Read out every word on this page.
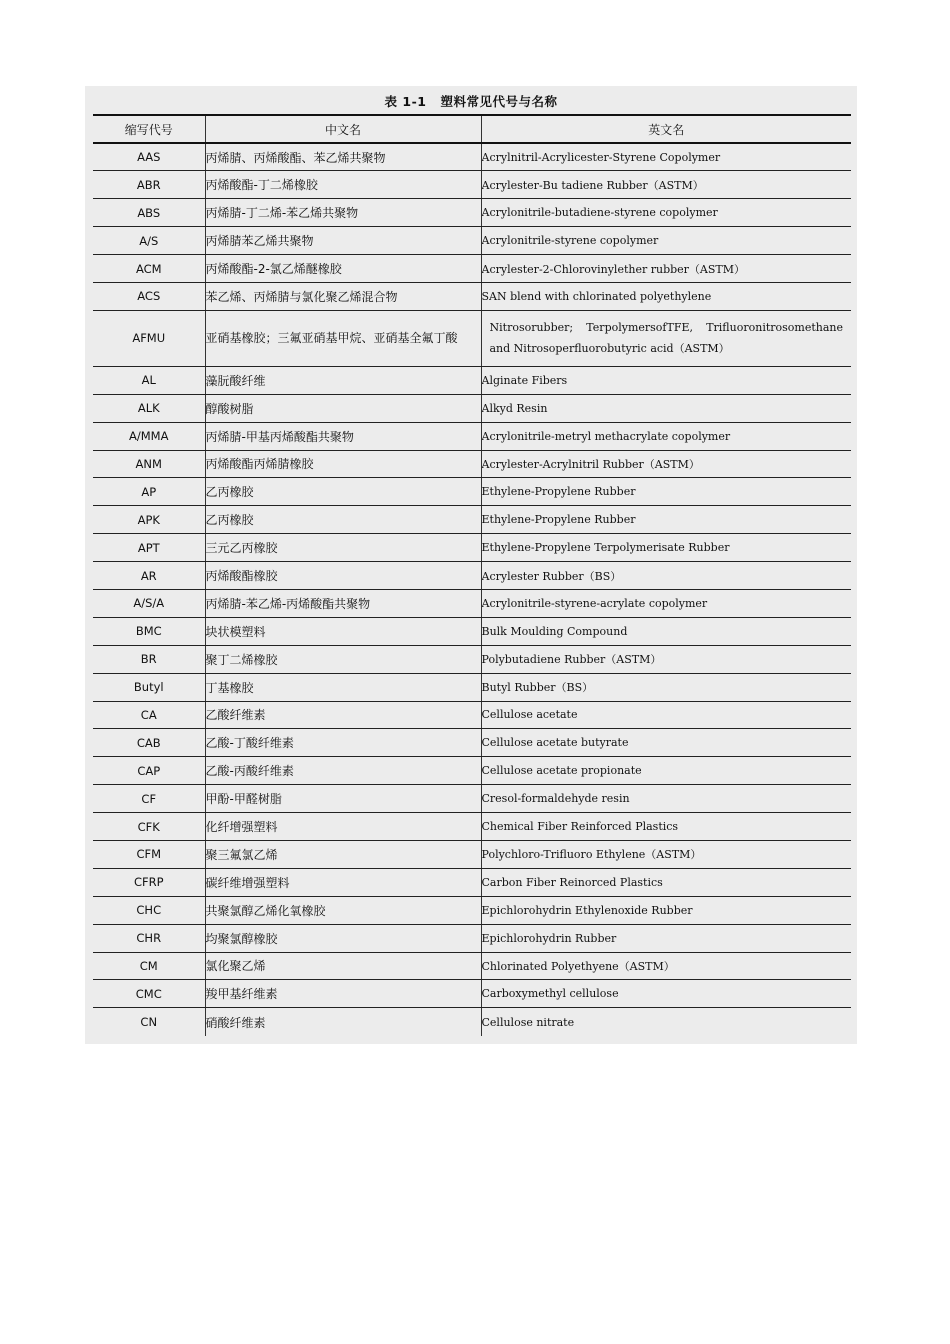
表 1-1 塑料常见代号与名称
缩写代号	中文名	英文名
AAS	丙烯腈、丙烯酸酯、苯乙烯共聚物	Acrylnitril-Acrylicester-Styrene Copolymer
ABR	丙烯酸酯-丁二烯橡胶	Acrylester-Bu tadiene Rubber（ASTM）
ABS	丙烯腈-丁二烯-苯乙烯共聚物	Acrylonitrile-butadiene-styrene copolymer
A/S	丙烯腈苯乙烯共聚物	Acrylonitrile-styrene copolymer
ACM	丙烯酸酯-2-氯乙烯醚橡胶	Acrylester-2-Chlorovinylether rubber（ASTM）
ACS	苯乙烯、丙烯腈与氯化聚乙烯混合物	SAN blend with chlorinated polyethylene
AFMU	亚硝基橡胶；三氟亚硝基甲烷、亚硝基全氟丁酸	Nitrosorubber; TerpolymersofTFE, Trifluoronitrosomethane and Nitrosoperfluorobutyric acid（ASTM）
AL	藻朊酸纤维	Alginate Fibers
ALK	醇酸树脂	Alkyd Resin
A/MMA	丙烯腈-甲基丙烯酸酯共聚物	Acrylonitrile-metryl methacrylate copolymer
ANM	丙烯酸酯丙烯腈橡胶	Acrylester-Acrylnitril Rubber（ASTM）
AP	乙丙橡胶	Ethylene-Propylene Rubber
APK	乙丙橡胶	Ethylene-Propylene Rubber
APT	三元乙丙橡胶	Ethylene-Propylene Terpolymerisate Rubber
AR	丙烯酸酯橡胶	Acrylester Rubber（BS）
A/S/A	丙烯腈-苯乙烯-丙烯酸酯共聚物	Acrylonitrile-styrene-acrylate copolymer
BMC	块状模塑料	Bulk Moulding Compound
BR	聚丁二烯橡胶	Polybutadiene Rubber（ASTM）
Butyl	丁基橡胶	Butyl Rubber（BS）
CA	乙酸纤维素	Cellulose acetate
CAB	乙酸-丁酸纤维素	Cellulose acetate butyrate
CAP	乙酸-丙酸纤维素	Cellulose acetate propionate
CF	甲酚-甲醛树脂	Cresol-formaldehyde resin
CFK	化纤增强塑料	Chemical Fiber Reinforced Plastics
CFM	聚三氟氯乙烯	Polychloro-Trifluoro Ethylene（ASTM）
CFRP	碳纤维增强塑料	Carbon Fiber Reinorced Plastics
CHC	共聚氯醇乙烯化氧橡胶	Epichlorohydrin Ethylenoxide Rubber
CHR	均聚氯醇橡胶	Epichlorohydrin Rubber
CM	氯化聚乙烯	Chlorinated Polyethyene（ASTM）
CMC	羧甲基纤维素	Carboxymethyl cellulose
CN	硝酸纤维素	Cellulose nitrate
